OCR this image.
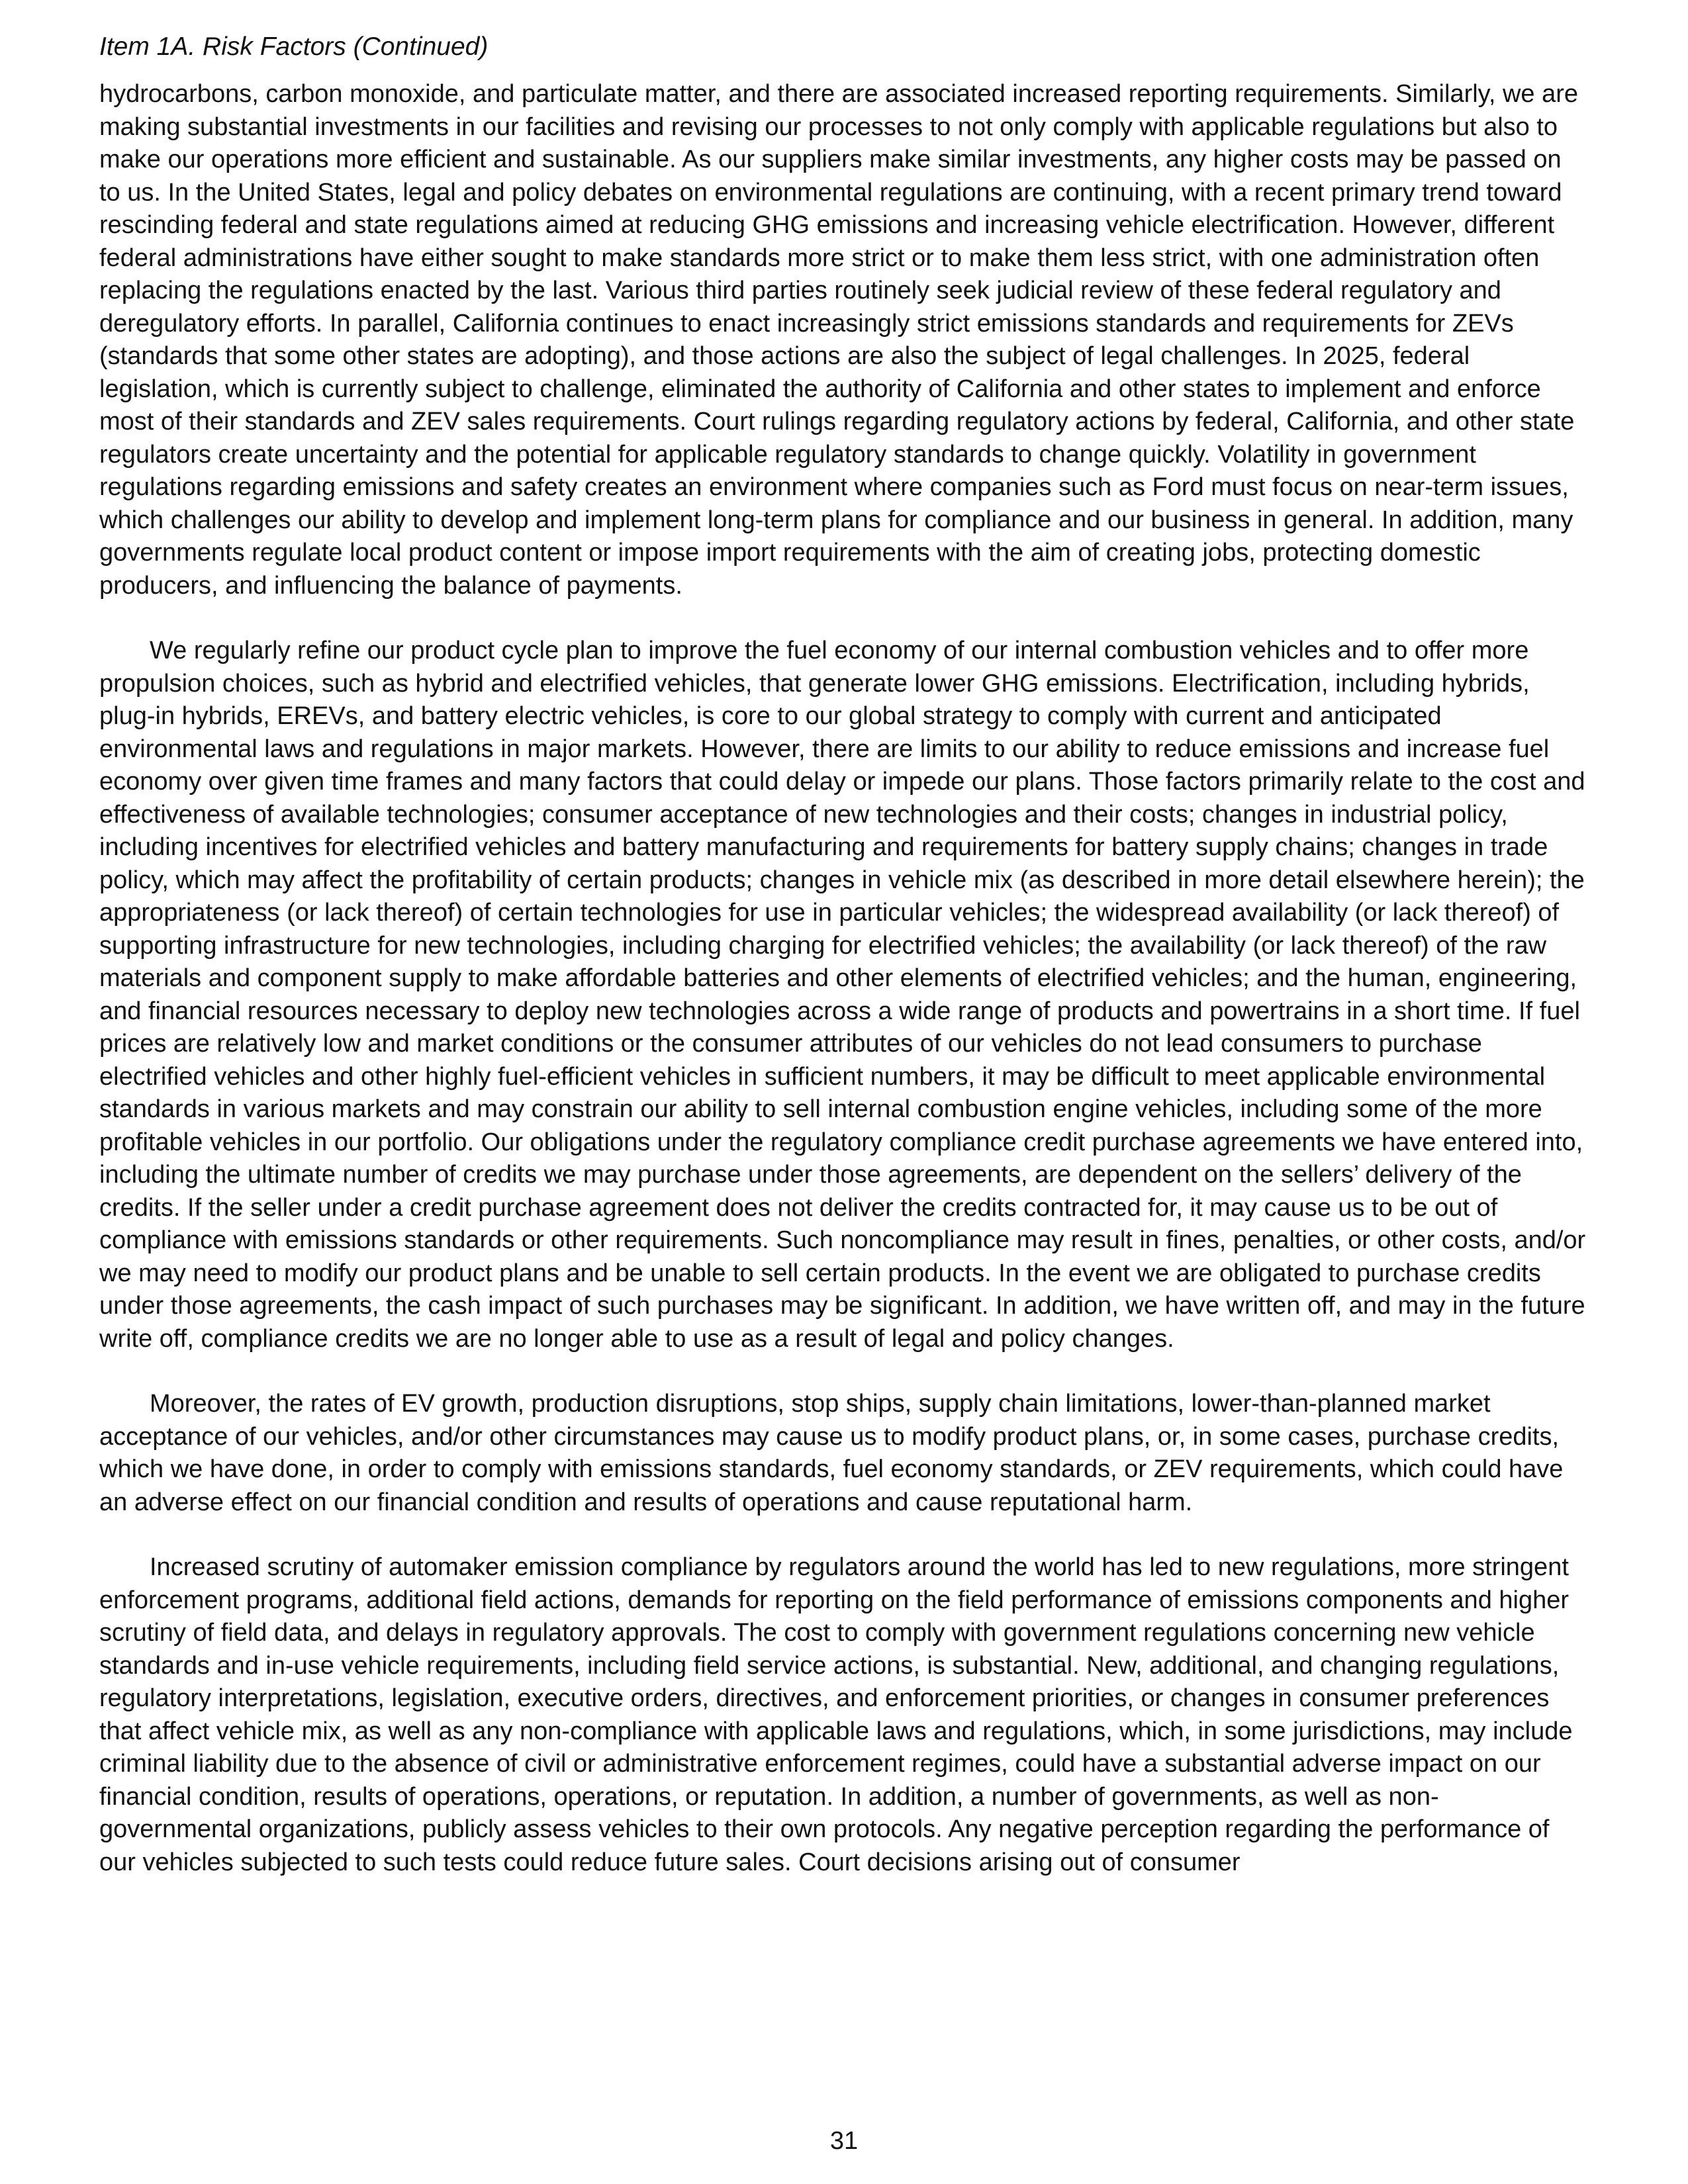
Item 1A. Risk Factors (Continued)

hydrocarbons, carbon monoxide, and particulate matter, and there are associated increased reporting requirements. Similarly, we are making substantial investments in our facilities and revising our processes to not only comply with applicable regulations but also to make our operations more efficient and sustainable. As our suppliers make similar investments, any higher costs may be passed on to us. In the United States, legal and policy debates on environmental regulations are continuing, with a recent primary trend toward rescinding federal and state regulations aimed at reducing GHG emissions and increasing vehicle electrification. However, different federal administrations have either sought to make standards more strict or to make them less strict, with one administration often replacing the regulations enacted by the last. Various third parties routinely seek judicial review of these federal regulatory and deregulatory efforts. In parallel, California continues to enact increasingly strict emissions standards and requirements for ZEVs (standards that some other states are adopting), and those actions are also the subject of legal challenges. In 2025, federal legislation, which is currently subject to challenge, eliminated the authority of California and other states to implement and enforce most of their standards and ZEV sales requirements. Court rulings regarding regulatory actions by federal, California, and other state regulators create uncertainty and the potential for applicable regulatory standards to change quickly. Volatility in government regulations regarding emissions and safety creates an environment where companies such as Ford must focus on near-term issues, which challenges our ability to develop and implement long-term plans for compliance and our business in general. In addition, many governments regulate local product content or impose import requirements with the aim of creating jobs, protecting domestic producers, and influencing the balance of payments.

We regularly refine our product cycle plan to improve the fuel economy of our internal combustion vehicles and to offer more propulsion choices, such as hybrid and electrified vehicles, that generate lower GHG emissions. Electrification, including hybrids, plug-in hybrids, EREVs, and battery electric vehicles, is core to our global strategy to comply with current and anticipated environmental laws and regulations in major markets. However, there are limits to our ability to reduce emissions and increase fuel economy over given time frames and many factors that could delay or impede our plans. Those factors primarily relate to the cost and effectiveness of available technologies; consumer acceptance of new technologies and their costs; changes in industrial policy, including incentives for electrified vehicles and battery manufacturing and requirements for battery supply chains; changes in trade policy, which may affect the profitability of certain products; changes in vehicle mix (as described in more detail elsewhere herein); the appropriateness (or lack thereof) of certain technologies for use in particular vehicles; the widespread availability (or lack thereof) of supporting infrastructure for new technologies, including charging for electrified vehicles; the availability (or lack thereof) of the raw materials and component supply to make affordable batteries and other elements of electrified vehicles; and the human, engineering, and financial resources necessary to deploy new technologies across a wide range of products and powertrains in a short time. If fuel prices are relatively low and market conditions or the consumer attributes of our vehicles do not lead consumers to purchase electrified vehicles and other highly fuel-efficient vehicles in sufficient numbers, it may be difficult to meet applicable environmental standards in various markets and may constrain our ability to sell internal combustion engine vehicles, including some of the more profitable vehicles in our portfolio. Our obligations under the regulatory compliance credit purchase agreements we have entered into, including the ultimate number of credits we may purchase under those agreements, are dependent on the sellers’ delivery of the credits. If the seller under a credit purchase agreement does not deliver the credits contracted for, it may cause us to be out of compliance with emissions standards or other requirements. Such noncompliance may result in fines, penalties, or other costs, and/or we may need to modify our product plans and be unable to sell certain products. In the event we are obligated to purchase credits under those agreements, the cash impact of such purchases may be significant. In addition, we have written off, and may in the future write off, compliance credits we are no longer able to use as a result of legal and policy changes.

Moreover, the rates of EV growth, production disruptions, stop ships, supply chain limitations, lower-than-planned market acceptance of our vehicles, and/or other circumstances may cause us to modify product plans, or, in some cases, purchase credits, which we have done, in order to comply with emissions standards, fuel economy standards, or ZEV requirements, which could have an adverse effect on our financial condition and results of operations and cause reputational harm.

Increased scrutiny of automaker emission compliance by regulators around the world has led to new regulations, more stringent enforcement programs, additional field actions, demands for reporting on the field performance of emissions components and higher scrutiny of field data, and delays in regulatory approvals. The cost to comply with government regulations concerning new vehicle standards and in-use vehicle requirements, including field service actions, is substantial. New, additional, and changing regulations, regulatory interpretations, legislation, executive orders, directives, and enforcement priorities, or changes in consumer preferences that affect vehicle mix, as well as any non-compliance with applicable laws and regulations, which, in some jurisdictions, may include criminal liability due to the absence of civil or administrative enforcement regimes, could have a substantial adverse impact on our financial condition, results of operations, operations, or reputation. In addition, a number of governments, as well as non-governmental organizations, publicly assess vehicles to their own protocols. Any negative perception regarding the performance of our vehicles subjected to such tests could reduce future sales. Court decisions arising out of consumer

31
